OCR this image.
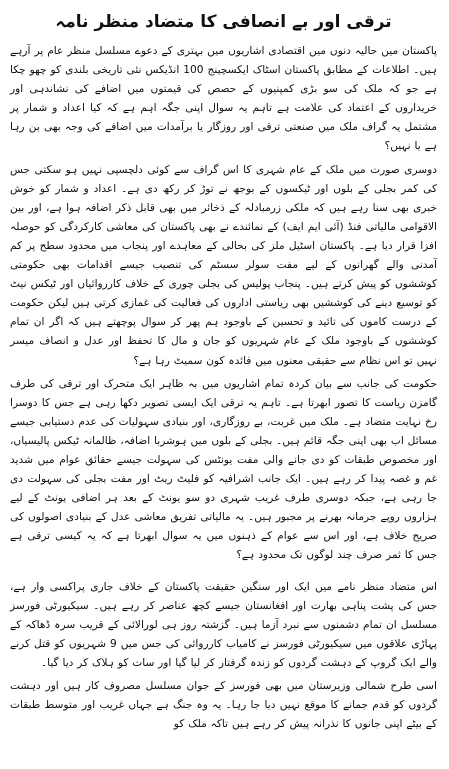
ترقی اور بے انصافی کا متضاد منظر نامہ

پاکستان میں حالیہ دنوں میں اقتصادی اشاریوں میں بہتری کے دعوے مسلسل منظر عام پر آرہے ہیں۔ اطلاعات کے مطابق پاکستان اسٹاک ایکسچینج 100 انڈیکس نئی تاریخی بلندی کو چھو چکا ہے جو کہ ملک کی سو بڑی کمپنیوں کے حصص کی قیمتوں میں اضافے کی نشاندہی اور خریداروں کے اعتماد کی علامت ہے تاہم یہ سوال اپنی جگہ اہم ہے کہ کیا اعداد و شمار پر مشتمل یہ گراف ملک میں صنعتی ترقی اور روزگار یا برآمدات میں اضافے کی وجہ بھی بن رہا ہے یا نہیں؟

دوسری صورت میں ملک کے عام شہری کا اس گراف سے کوئی دلچسپی نہیں ہو سکتی جس کی کمر بجلی کے بلوں اور ٹیکسوں کے بوجھ نے توڑ کر رکھ دی ہے۔ اعداد و شمار کو خوش خبری بھی سنا رہے ہیں کہ ملکی زرمبادلہ کے ذخائر میں بھی قابل ذکر اضافہ ہوا ہے، اور بین الاقوامی مالیاتی فنڈ (آئی ایم ایف) کے نمائندے نے بھی پاکستان کی معاشی کارکردگی کو حوصلہ افزا قرار دیا ہے۔ پاکستان اسٹیل ملز کی بحالی کے معاہدے اور پنجاب میں محدود سطح پر کم آمدنی والے گھرانوں کے لیے مفت سولر سسٹم کی تنصیب جیسے اقدامات بھی حکومتی کوششوں کو پیش کرتے ہیں۔ پنجاب پولیس کی بجلی چوری کے خلاف کارروائیاں اور ٹیکس نیٹ کو توسیع دینے کی کوششیں بھی ریاستی اداروں کی فعالیت کی غمازی کرتی ہیں لیکن حکومت کے درست کاموں کی تائید و تحسین کے باوجود ہم پھر کر سوال پوچھتے ہیں کہ اگر ان تمام کوششوں کے باوجود ملک کے عام شہریوں کو جان و مال کا تحفظ اور عدل و انصاف میسر نہیں تو اس نظام سے حقیقی معنوں میں فائدہ کون سمیٹ رہا ہے؟

حکومت کی جانب سے بیان کردہ تمام اشاریوں میں بہ ظاہر ایک متحرک اور ترقی کی طرف گامزن ریاست کا تصور ابھرتا ہے۔ تاہم یہ ترقی ایک ایسی تصویر دکھا رہی ہے جس کا دوسرا رخ نہایت متضاد ہے۔ ملک میں غربت، بے روزگاری، اور بنیادی سہولیات کی عدم دستیابی جیسے مسائل اب بھی اپنی جگہ قائم ہیں۔ بجلی کے بلوں میں ہوشربا اضافہ، ظالمانہ ٹیکس پالیسیاں، اور مخصوص طبقات کو دی جانے والی مفت یونٹس کی سہولت جیسے حقائق عوام میں شدید غم و غصہ پیدا کر رہے ہیں۔ ایک جانب اشرافیہ کو فلیٹ ریٹ اور مفت بجلی کی سہولت دی جا رہی ہے، جبکہ دوسری طرف غریب شہری دو سو یونٹ کے بعد ہر اضافی یونٹ کے لیے ہزاروں روپے جرمانہ بھرنے پر مجبور ہیں۔ یہ مالیاتی تفریق معاشی عدل کے بنیادی اصولوں کی صریح خلاف ہے، اور اس سے عوام کے ذہنوں میں یہ سوال ابھرتا ہے کہ یہ کیسی ترقی ہے جس کا ثمر صرف چند لوگوں تک محدود ہے؟

اس متضاد منظر نامے میں ایک اور سنگین حقیقت پاکستان کے خلاف جاری پراکسی وار ہے، جس کی پشت پناہی بھارت اور افغانستان جیسے کچھ عناصر کر رہے ہیں۔ سیکیورٹی فورسز مسلسل ان تمام دشمنوں سے نبرد آزما ہیں۔ گزشتہ روز ہی لورالائی کے قریب سرہ ڈھاکہ کے پہاڑی علاقوں میں سیکیورٹی فورسز نے کامیاب کارروائی کی جس میں 9 شہریوں کو قتل کرنے والے ایک گروپ کے دہشت گردوں کو زندہ گرفتار کر لیا گیا اور سات کو ہلاک کر دیا گیا۔

اسی طرح شمالی وزیرستان میں بھی فورسز کے جوان مسلسل مصروف کار ہیں اور دہشت گردوں کو قدم جمانے کا موقع نہیں دیا جا رہا۔ یہ وہ جنگ ہے جہاں غریب اور متوسط طبقات کے بیٹے اپنی جانوں کا نذرانہ پیش کر رہے ہیں تاکہ ملک کو
